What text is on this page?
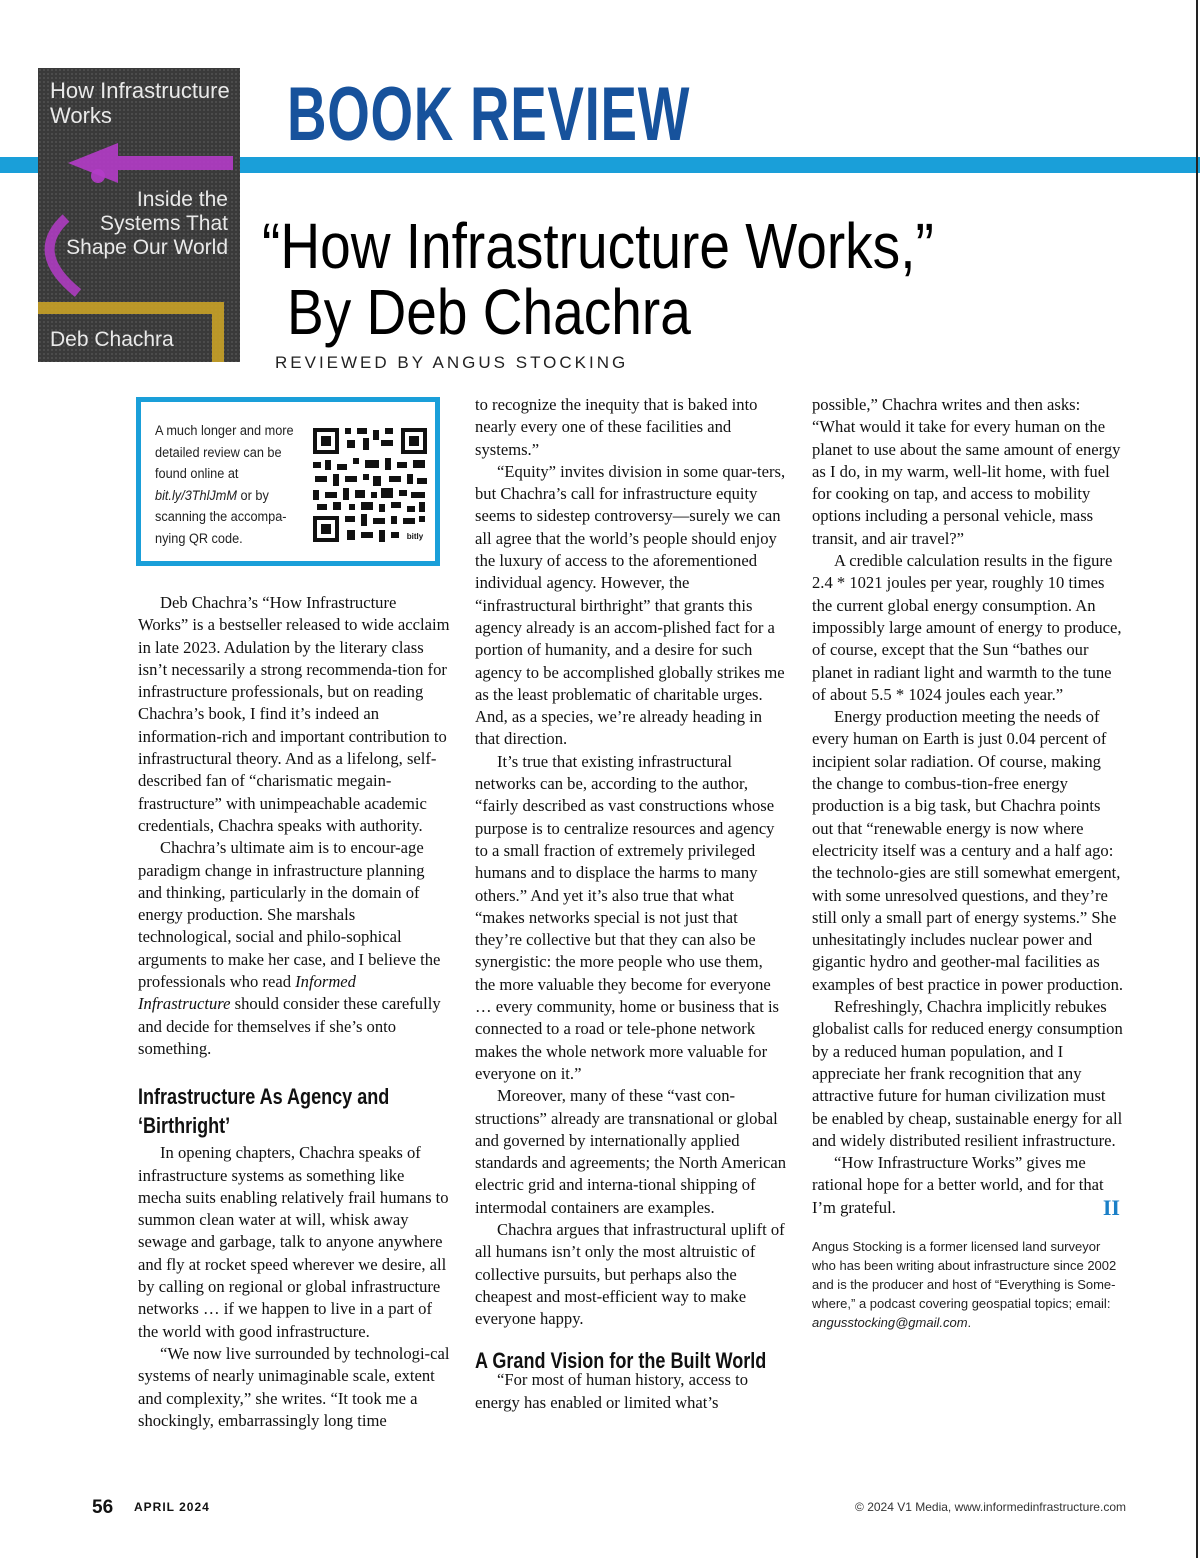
How Infrastructure Works
Inside the Systems That Shape Our World
Deb Chachra
BOOK REVIEW
“How Infrastructure Works,”
By Deb Chachra
REVIEWED BY ANGUS STOCKING
A much longer and more detailed review can be found online at bit.ly/3ThlJmM or by scanning the accompa-nying QR code.	bitly

Deb Chachra’s “How Infrastructure Works” is a bestseller released to wide acclaim in late 2023. Adulation by the literary class isn’t necessarily a strong recommenda-tion for infrastructure professionals, but on reading Chachra’s book, I find it’s indeed an information-rich and important contribution to infrastructural theory. And as a lifelong, self-described fan of “charismatic megain-frastructure” with unimpeachable academic credentials, Chachra speaks with authority.

Chachra’s ultimate aim is to encour-age paradigm change in infrastructure planning and thinking, particularly in the domain of energy production. She marshals technological, social and philo-sophical arguments to make her case, and I believe the professionals who read Informed Infrastructure should consider these carefully and decide for themselves if she’s onto something.

Infrastructure As Agency and
‘Birthright’

In opening chapters, Chachra speaks of infrastructure systems as something like mecha suits enabling relatively frail humans to summon clean water at will, whisk away sewage and garbage, talk to anyone anywhere and fly at rocket speed wherever we desire, all by calling on regional or global infrastructure networks … if we happen to live in a part of the world with good infrastructure.

“We now live surrounded by technologi-cal systems of nearly unimaginable scale, extent and complexity,” she writes. “It took me a shockingly, embarrassingly long time

to recognize the inequity that is baked into nearly every one of these facilities and systems.”

“Equity” invites division in some quar-ters, but Chachra’s call for infrastructure equity seems to sidestep controversy—surely we can all agree that the world’s people should enjoy the luxury of access to the aforementioned individual agency. However, the “infrastructural birthright” that grants this agency already is an accom-plished fact for a portion of humanity, and a desire for such agency to be accomplished globally strikes me as the least problematic of charitable urges. And, as a species, we’re already heading in that direction.

It’s true that existing infrastructural networks can be, according to the author, “fairly described as vast constructions whose purpose is to centralize resources and agency to a small fraction of extremely privileged humans and to displace the harms to many others.” And yet it’s also true that what “makes networks special is not just that they’re collective but that they can also be synergistic: the more people who use them, the more valuable they become for everyone … every community, home or business that is connected to a road or tele-phone network makes the whole network more valuable for everyone on it.”

Moreover, many of these “vast con-structions” already are transnational or global and governed by internationally applied standards and agreements; the North American electric grid and interna-tional shipping of intermodal containers are examples.

Chachra argues that infrastructural uplift of all humans isn’t only the most altruistic of collective pursuits, but perhaps also the cheapest and most-efficient way to make everyone happy.

A Grand Vision for the Built World

“For most of human history, access to energy has enabled or limited what’s

possible,” Chachra writes and then asks: “What would it take for every human on the planet to use about the same amount of energy as I do, in my warm, well-lit home, with fuel for cooking on tap, and access to mobility options including a personal vehicle, mass transit, and air travel?”

A credible calculation results in the figure 2.4 * 1021 joules per year, roughly 10 times the current global energy consumption. An impossibly large amount of energy to produce, of course, except that the Sun “bathes our planet in radiant light and warmth to the tune of about 5.5 * 1024 joules each year.”

Energy production meeting the needs of every human on Earth is just 0.04 percent of incipient solar radiation. Of course, making the change to combus-tion-free energy production is a big task, but Chachra points out that “renewable energy is now where electricity itself was a century and a half ago: the technolo-gies are still somewhat emergent, with some unresolved questions, and they’re still only a small part of energy systems.” She unhesitatingly includes nuclear power and gigantic hydro and geother-mal facilities as examples of best practice in power production.

Refreshingly, Chachra implicitly rebukes globalist calls for reduced energy consumption by a reduced human population, and I appreciate her frank recognition that any attractive future for human civilization must be enabled by cheap, sustainable energy for all and widely distributed resilient infrastructure.

“How Infrastructure Works” gives me rational hope for a better world, and for that I’m grateful.	II

Angus Stocking is a former licensed land surveyor who has been writing about infrastructure since 2002 and is the producer and host of “Everything is Some-where,” a podcast covering geospatial topics; email: angusstocking@gmail.com.
56 APRIL 2024	© 2024 V1 Media, www.informedinfrastructure.com
